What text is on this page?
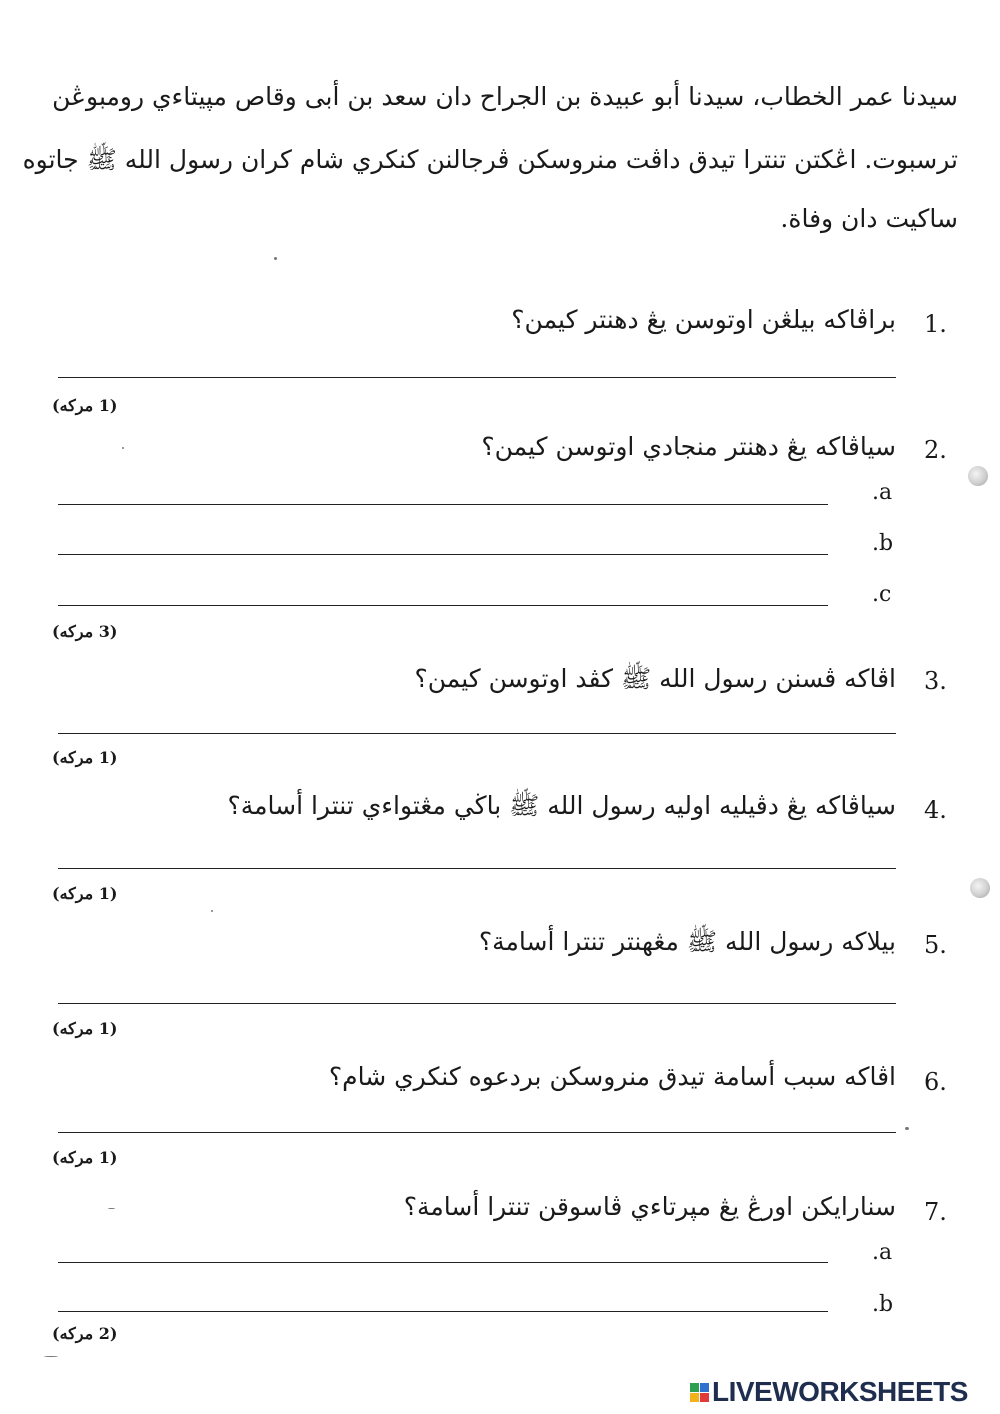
سيدنا عمر الخطاب، سيدنا أبو عبيدة بن الجراح دان سعد بن أبى وقاص مپيتاءي رومبوڠن
ترسبوت. اڠكتن تنترا تيدق داڤت منروسكن ڤرجالنن كنكري شام كران رسول الله ﷺ جاتوه
ساكيت دان وفاة.
1.
براڤاكه بيلڠن اوتوسن يڠ دهنتر كيمن؟
(1 مركه)
2.
سياڤاكه يڠ دهنتر منجادي اوتوسن كيمن؟
.a
.b
.c
(3 مركه)
3.
اڤاكه ڤسنن رسول الله ﷺ كڤد اوتوسن كيمن؟
(1 مركه)
4.
سياڤاكه يڠ دڤيليه اوليه رسول الله ﷺ باڬي مڠتواءي تنترا أسامة؟
(1 مركه)
5.
بيلاكه رسول الله ﷺ مڠهنتر تنترا أسامة؟
(1 مركه)
6.
اڤاكه سبب أسامة تيدق منروسكن بردعوه كنكري شام؟
(1 مركه)
7.
سنارايكن اورڠ يڠ مپرتاءي ڤاسوقن تنترا أسامة؟
.a
.b
(2 مركه)
LIVEWORKSHEETS
